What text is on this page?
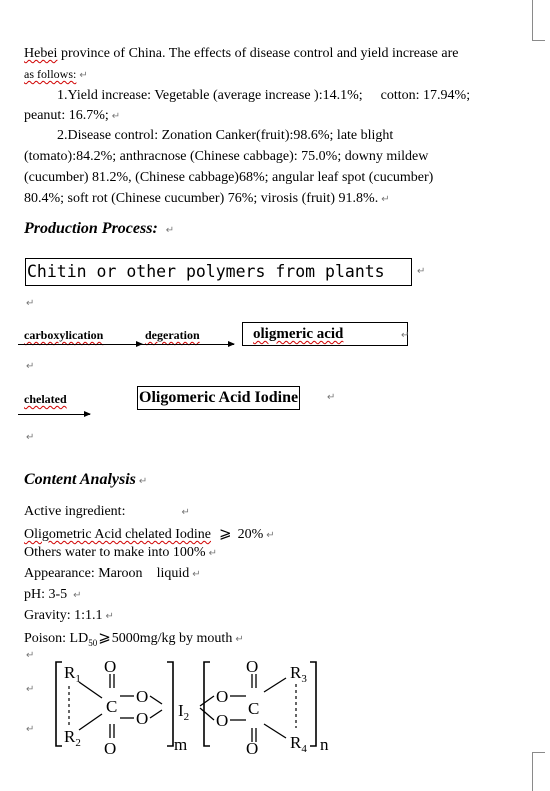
Hebei province of China. The effects of disease control and yield increase are
as follows: ↵
1.Yield increase: Vegetable (average increase ):14.1%; cotton: 17.94%;
peanut: 16.7%; ↵
2.Disease control: Zonation Canker(fruit):98.6%; late blight
(tomato):84.2%; anthracnose (Chinese cabbage): 75.0%; downy mildew
(cucumber) 81.2%, (Chinese cabbage)68%; angular leaf spot (cucumber)
80.4%; soft rot (Chinese cucumber) 76%; virosis (fruit) 91.8%. ↵
Production Process: ↵
Chitin or other polymers from plants	↵
↵
carboxylication	degeration	oligmeric acid	↵
↵
chelated	Oligomeric Acid Iodine	↵
↵
Content Analysis ↵
Active ingredient:	↵
Oligometric Acid chelated Iodine ⩾ 20% ↵
Others water to make into 100% ↵
Appearance: Maroon liquid ↵
pH: 3-5 ↵
Gravity: 1:1.1 ↵
Poison: $LD_{50}⩾5000mg/kg$ by mouth ↵
↵
↵
↵
$R_1$
$R_2$
O
C
O
O
O $I_2$
m
O
O
O
C
O
$R_3$
$R_4$ n
